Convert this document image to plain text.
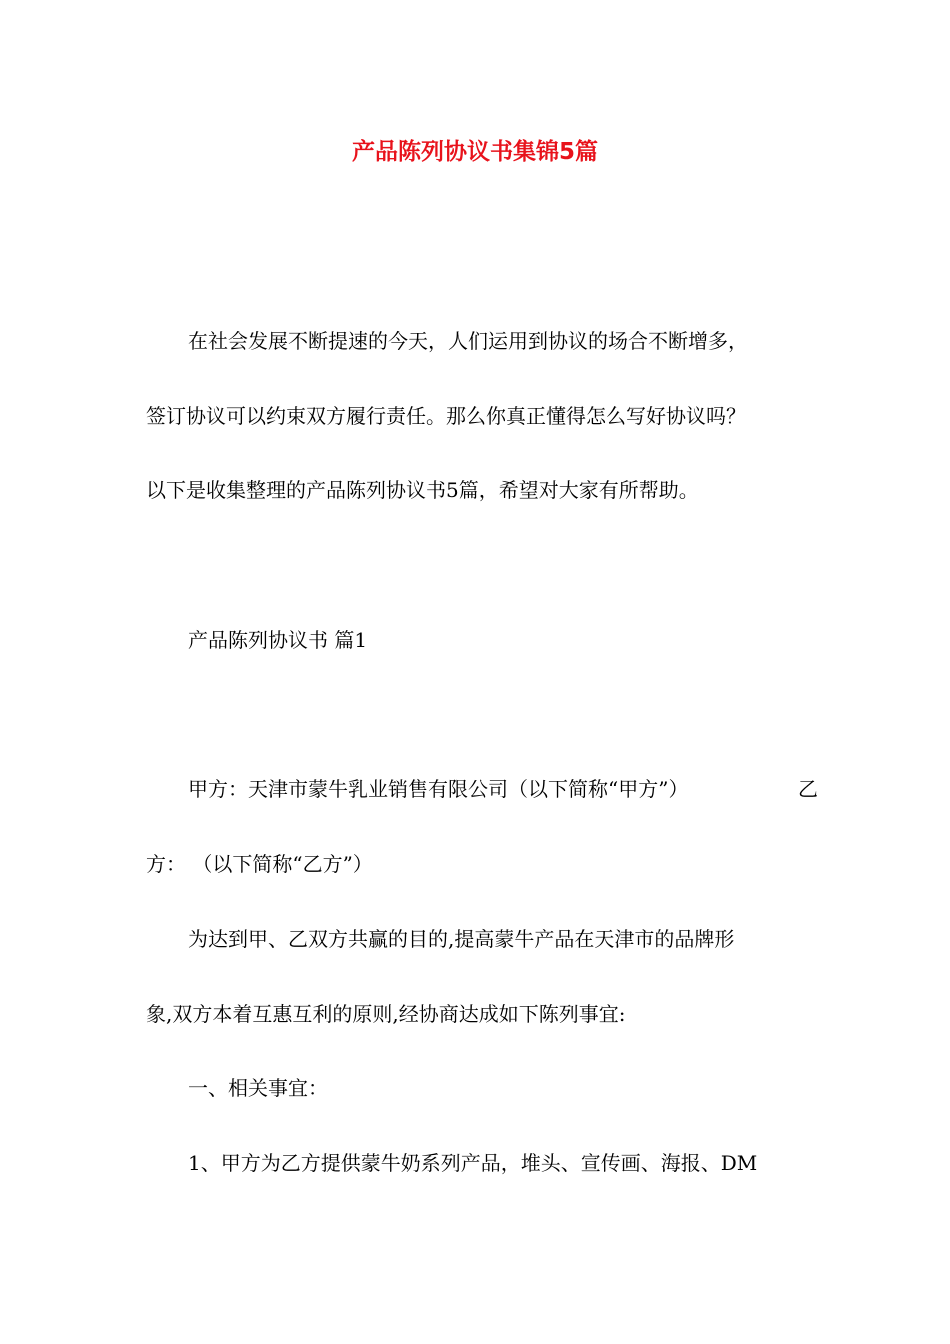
产品陈列协议书集锦5篇

在社会发展不断提速的今天，人们运用到协议的场合不断增多，

签订协议可以约束双方履行责任。那么你真正懂得怎么写好协议吗？

以下是收集整理的产品陈列协议书5篇，希望对大家有所帮助。

产品陈列协议书 篇1

甲方：天津市蒙牛乳业销售有限公司（以下简称“甲方”）	乙

方： （以下简称“乙方”）

为达到甲、乙双方共赢的目的,提高蒙牛产品在天津市的品牌形

象,双方本着互惠互利的原则,经协商达成如下陈列事宜:

一、相关事宜：

1、甲方为乙方提供蒙牛奶系列产品，堆头、宣传画、海报、DM
